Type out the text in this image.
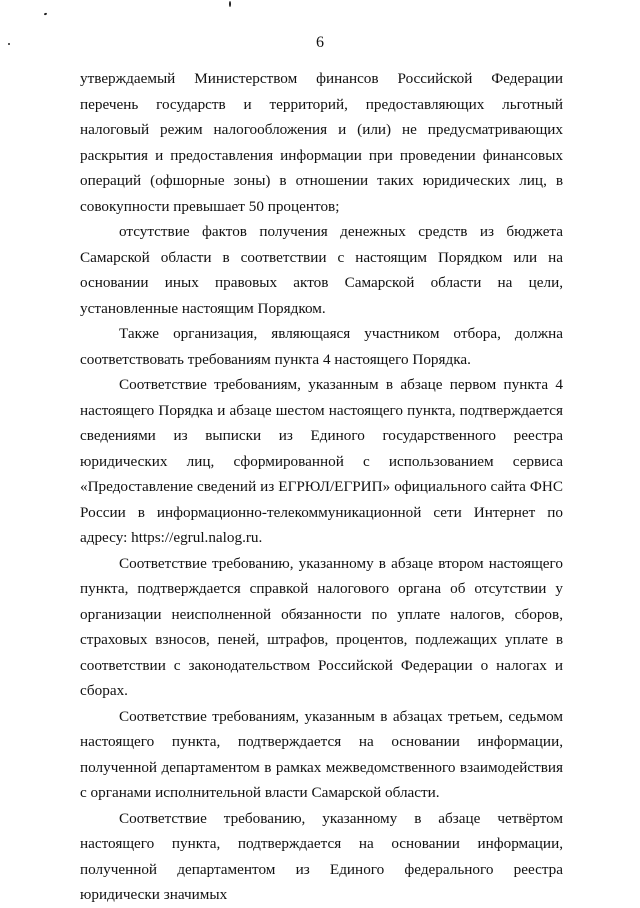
6

утверждаемый Министерством финансов Российской Федерации перечень государств и территорий, предоставляющих льготный налоговый режим налогообложения и (или) не предусматривающих раскрытия и предоставления информации при проведении финансовых операций (офшорные зоны) в отношении таких юридических лиц, в совокупности превышает 50 процентов;

отсутствие фактов получения денежных средств из бюджета Самарской области в соответствии с настоящим Порядком или на основании иных правовых актов Самарской области на цели, установленные настоящим Порядком.

Также организация, являющаяся участником отбора, должна соответствовать требованиям пункта 4 настоящего Порядка.

Соответствие требованиям, указанным в абзаце первом пункта 4 настоящего Порядка и абзаце шестом настоящего пункта, подтверждается сведениями из выписки из Единого государственного реестра юридических лиц, сформированной с использованием сервиса «Предоставление сведений из ЕГРЮЛ/ЕГРИП» официального сайта ФНС России в информационно-телекоммуникационной сети Интернет по адресу: https://egrul.nalog.ru.

Соответствие требованию, указанному в абзаце втором настоящего пункта, подтверждается справкой налогового органа об отсутствии у организации неисполненной обязанности по уплате налогов, сборов, страховых взносов, пеней, штрафов, процентов, подлежащих уплате в соответствии с законодательством Российской Федерации о налогах и сборах.

Соответствие требованиям, указанным в абзацах третьем, седьмом настоящего пункта, подтверждается на основании информации, полученной департаментом в рамках межведомственного взаимодействия с органами исполнительной власти Самарской области.

Соответствие требованию, указанному в абзаце четвёртом настоящего пункта, подтверждается на основании информации, полученной департаментом из Единого федерального реестра юридически значимых
